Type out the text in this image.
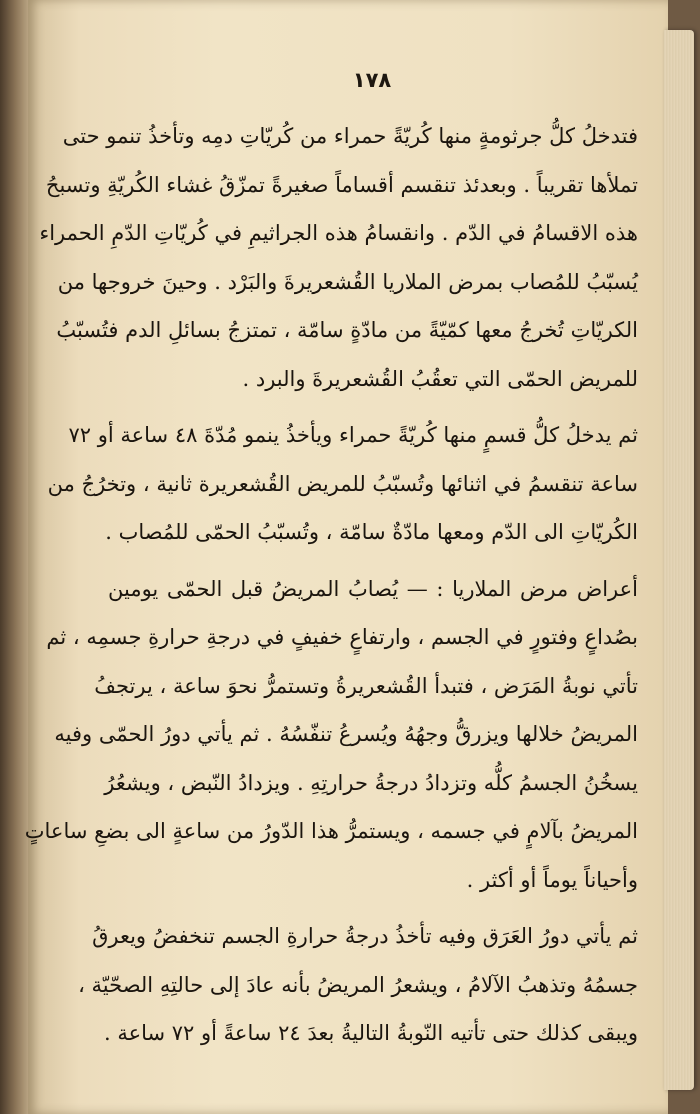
١٧٨
فتدخلُ كلُّ جرثومةٍ منها كُريّةً حمراء من كُريّاتِ دمِه وتأخذُ تنمو حتى
تملأها تقريباً . وبعدئذ تنقسم أقساماً صغيرةً تمزّقُ غشاء الكُريّةِ وتسبحُ
هذه الاقسامُ في الدّم . وانقسامُ هذه الجراثيمِ في كُريّاتِ الدّمِ الحمراء
يُسبّبُ للمُصاب بمرض الملاريا القُشعريرةَ والبَرْد . وحينَ خروجها من
الكريّاتِ تُخرجُ معها كمّيّةً من مادّةٍ سامّة ، تمتزجُ بسائلِ الدم فتُسبّبُ
للمريض الحمّى التي تعقُبُ القُشعريرةَ والبرد .
ثم يدخلُ كلُّ قسمٍ منها كُريّةً حمراء ويأخذُ ينمو مُدّةَ ٤٨ ساعة أو ٧٢
ساعة تنقسمُ في اثنائها وتُسبّبُ للمريض القُشعريرة ثانية ، وتخرُجُ من
الكُريّاتِ الى الدّم ومعها مادّةٌ سامّة ، وتُسبّبُ الحمّى للمُصاب .
أعراض مرض الملاريا : — يُصابُ المريضُ قبل الحمّى يومين
بصُداعٍ وفتورٍ في الجسم ، وارتفاعٍ خفيفٍ في درجةِ حرارةِ جسمِه ، ثم
تأتي نوبةُ المَرَض ، فتبدأ القُشعريرةُ وتستمرُّ نحوَ ساعة ، يرتجفُ
المريضُ خلالها ويزرقُّ وجهُهُ ويُسرعُ تنفّسُهُ . ثم يأتي دورُ الحمّى وفيه
يسخُنُ الجسمُ كلُّه وتزدادُ درجةُ حرارتِهِ . ويزدادُ النّبض ، ويشعُرُ
المريضُ بآلامٍ في جسمه ، ويستمرُّ هذا الدّورُ من ساعةٍ الى بضعِ ساعاتٍ
وأحياناً يوماً أو أكثر .
ثم يأتي دورُ العَرَق وفيه تأخذُ درجةُ حرارةِ الجسم تنخفضُ ويعرقُ
جسمُهُ وتذهبُ الآلامُ ، ويشعرُ المريضُ بأنه عادَ إلى حالتِهِ الصحّيّة ،
ويبقى كذلك حتى تأتيه النّوبةُ التاليةُ بعدَ ٢٤ ساعةً أو ٧٢ ساعة .
